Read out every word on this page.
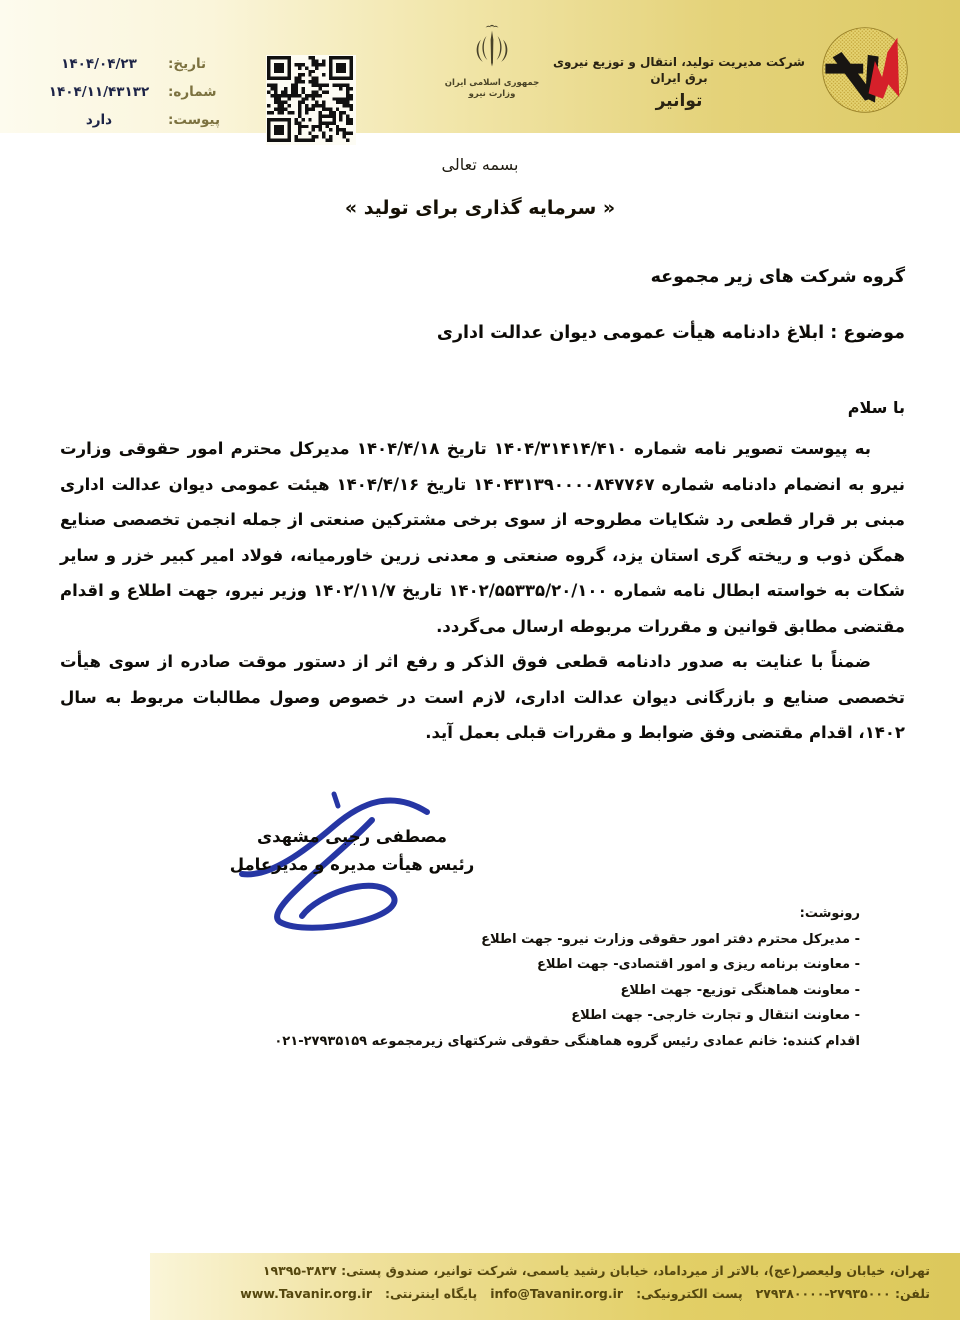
تاریخ:
۱۴۰۴/۰۴/۲۳
شماره:
۱۴۰۴/۱۱/۴۳۱۳۲
پیوست:
دارد
جمهوری اسلامی ایران
وزارت نیرو
شرکت مدیریت تولید، انتقال و توزیع نیروی برق ایران
توانیر
بسمه تعالی
« سرمایه گذاری برای تولید »
گروه شرکت های زیر مجموعه
موضوع : ابلاغ دادنامه هیأت عمومی دیوان عدالت اداری
با سلام

به پیوست تصویر نامه شماره ۱۴۰۴/۳۱۴۱۴/۴۱۰ تاریخ ۱۴۰۴/۴/۱۸ مدیرکل محترم امور حقوقی وزارت نیرو به انضمام دادنامه شماره ۱۴۰۴۳۱۳۹۰۰۰۰۸۴۷۷۶۷ تاریخ ۱۴۰۴/۴/۱۶ هیئت عمومی دیوان عدالت اداری مبنی بر قرار قطعی رد شکایات مطروحه از سوی برخی مشترکین صنعتی از جمله انجمن تخصصی صنایع همگن ذوب و ریخته گری استان یزد، گروه صنعتی و معدنی زرین خاورمیانه، فولاد امیر کبیر خزر و سایر شکات به خواسته ابطال نامه شماره ۱۴۰۲/۵۵۳۳۵/۲۰/۱۰۰ تاریخ ۱۴۰۲/۱۱/۷ وزیر نیرو، جهت اطلاع و اقدام مقتضی مطابق قوانین و مقررات مربوطه ارسال می‌گردد.

ضمناً با عنایت به صدور دادنامه قطعی فوق الذکر و رفع اثر از دستور موقت صادره از سوی هیأت تخصصی صنایع و بازرگانی دیوان عدالت اداری، لازم است در خصوص وصول مطالبات مربوط به سال ۱۴۰۲، اقدام مقتضی وفق ضوابط و مقررات قبلی بعمل آید.

مصطفی رجبی مشهدی
رئیس هیأت مدیره و مدیرعامل
رونوشت:
- مدیرکل محترم دفتر امور حقوقی وزارت نیرو- جهت اطلاع
- معاونت برنامه ریزی و امور اقتصادی- جهت اطلاع
- معاونت هماهنگی توزیع- جهت اطلاع
- معاونت انتقال و تجارت خارجی- جهت اطلاع
اقدام کننده: خانم عمادی رئیس گروه هماهنگی حقوقی شرکتهای زیرمجموعه ۲۷۹۳۵۱۵۹-۰۲۱
تهران، خیابان ولیعصر(عج)، بالاتر از میرداماد، خیابان رشید یاسمی، شرکت توانیر، صندوق پستی: ۳۸۳۷-۱۹۳۹۵
تلفن: ۲۷۹۳۵۰۰۰-۲۷۹۳۸۰۰۰۰
پست الکترونیکی:
info@Tavanir.org.ir
پایگاه اینترنتی:
www.Tavanir.org.ir
